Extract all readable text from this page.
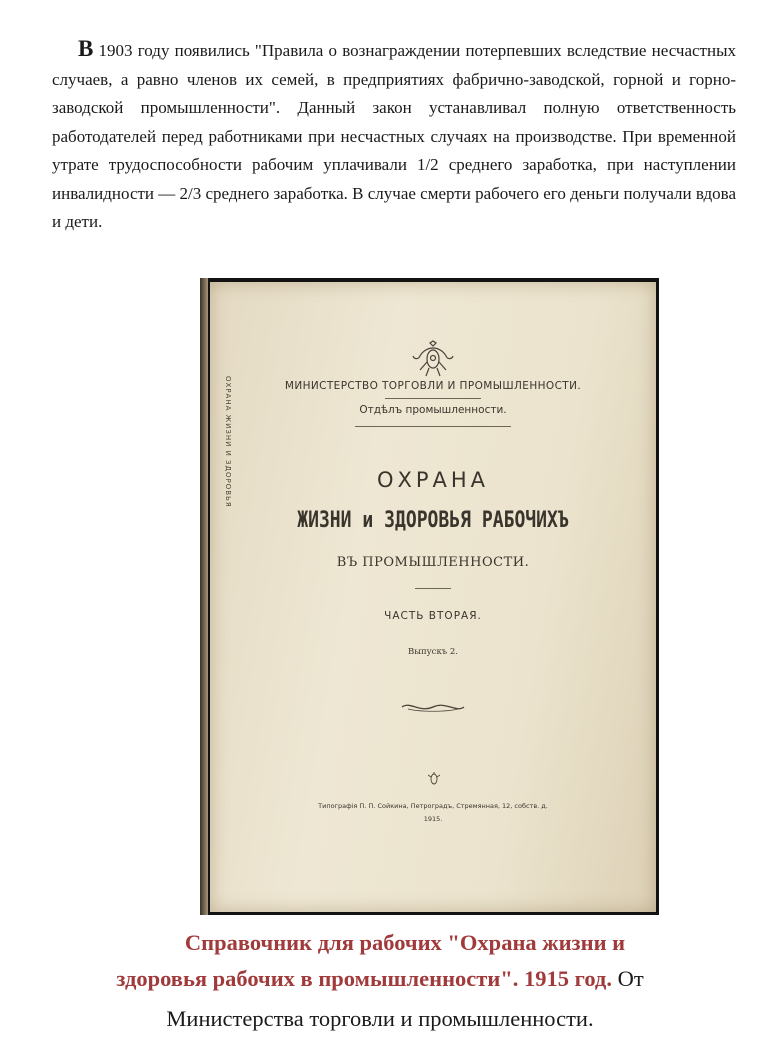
В 1903 году появились "Правила о вознаграждении потерпевших вследствие несчастных случаев, а равно членов их семей, в предприятиях фабрично-заводской, горной и горно-заводской промышленности". Данный закон устанавливал полную ответственность работодателей перед работниками при несчастных случаях на производстве. При временной утрате трудоспособности рабочим уплачивали 1/2 среднего заработка, при наступлении инвалидности — 2/3 среднего заработка. В случае смерти рабочего его деньги получали вдова и дети.

ОХРАНА ЖИЗНИ И ЗДОРОВЬЯ	МИНИСТЕРСТВО ТОРГОВЛИ И ПРОМЫШЛЕННОСТИ.
Отдѣлъ промышленности.
ОХРАНА
ЖИЗНИ и ЗДОРОВЬЯ РАБОЧИХЪ
ВЪ ПРОМЫШЛЕННОСТИ.
ЧАСТЬ ВТОРАЯ.
Выпускъ 2.
Типографія П. П. Сойкина, Петроградъ, Стремянная, 12, собств. д.
1915.
Справочник для рабочих "Охрана жизни и
здоровья рабочих в промышленности". 1915 год. От
Министерства торговли и промышленности.
